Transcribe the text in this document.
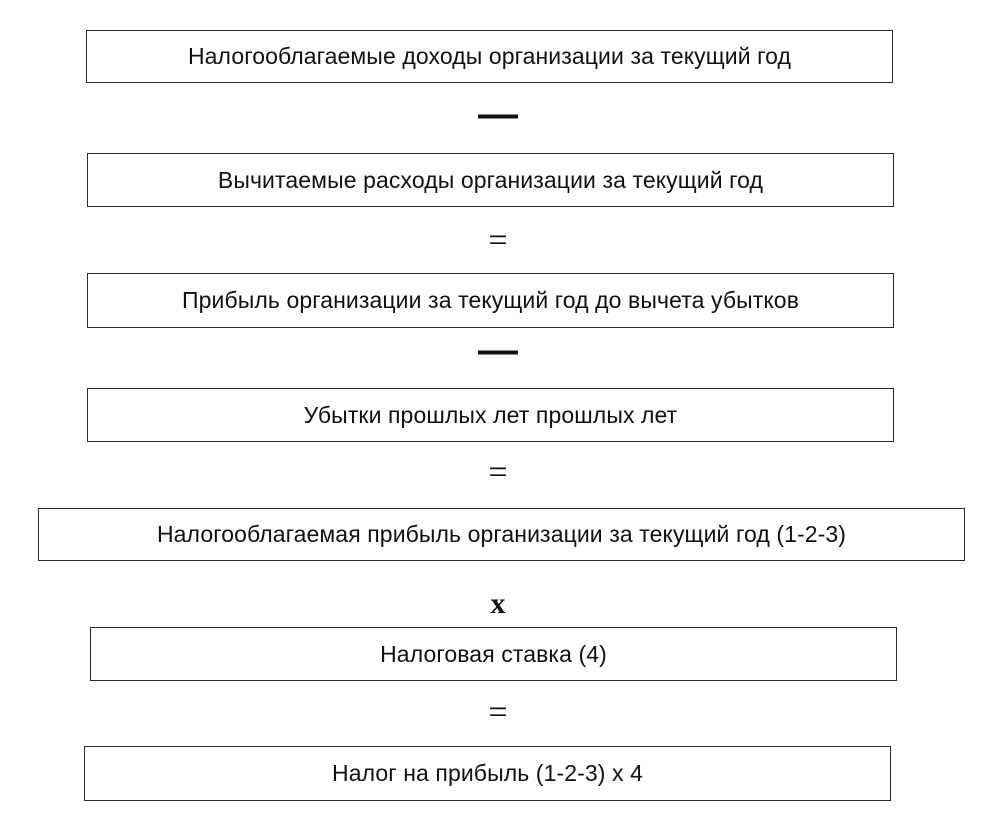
Налогооблагаемые доходы организации за текущий год
—
Вычитаемые расходы организации за текущий год
=
Прибыль организации за текущий год до вычета убытков
—
Убытки прошлых лет прошлых лет
=
Налогооблагаемая прибыль организации за текущий год (1-2-3)
x
Налоговая ставка (4)
=
Налог на прибыль (1-2-3) х 4
